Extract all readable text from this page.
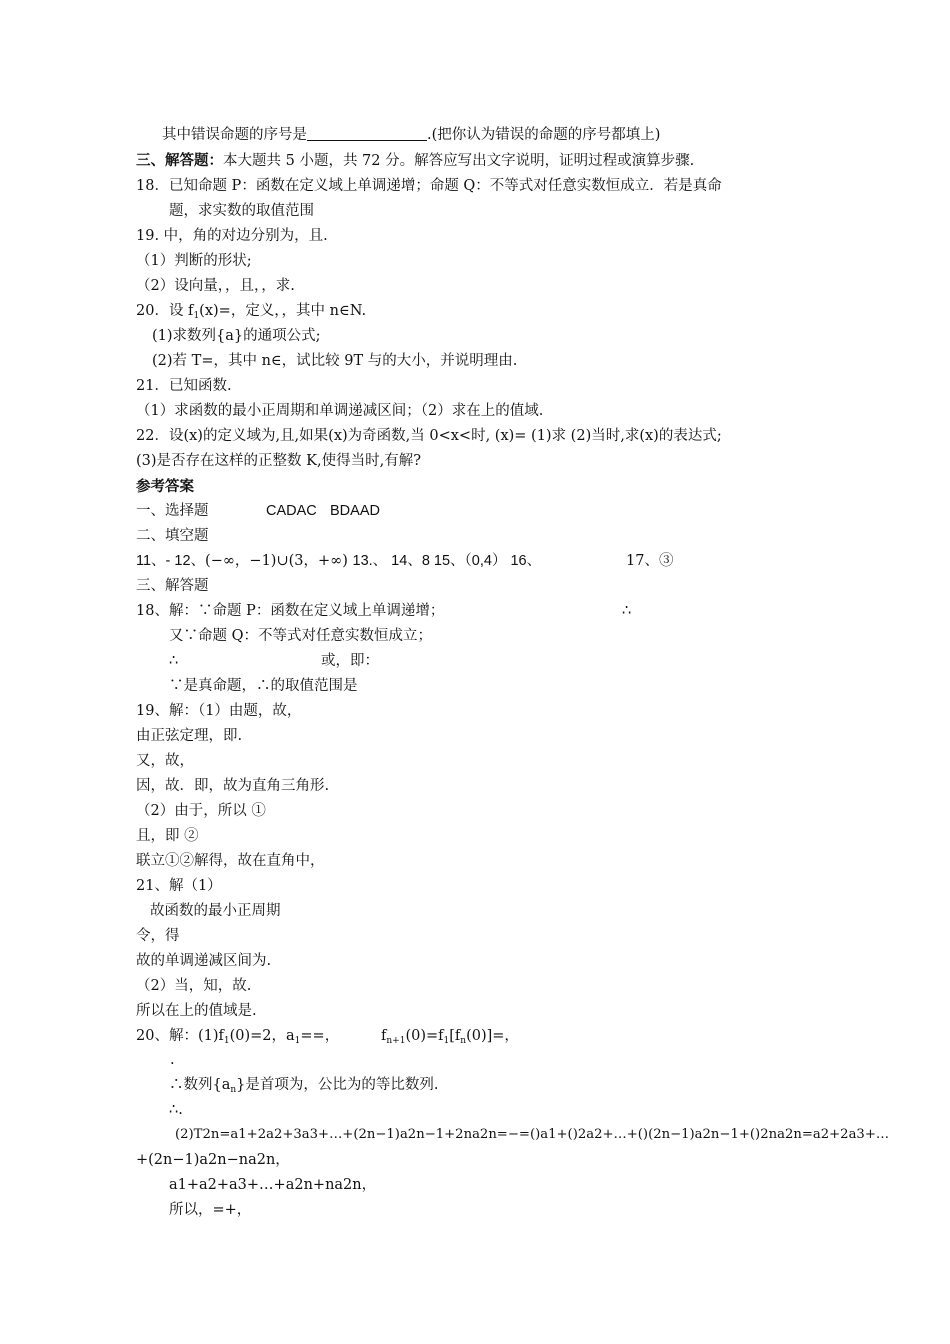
其中错误命题的序号是	.(把你认为错误的命题的序号都填上)
三、解答题：本大题共 5 小题，共 72 分。解答应写出文字说明，证明过程或演算步骤.
18．已知命题 P：函数在定义域上单调递增；命题 Q：不等式对任意实数恒成立．若是真命
题，求实数的取值范围
19. 中，角的对边分别为，且.
（1）判断的形状;
（2）设向量，，且，，求.
20．设 $f_1(x)=$，定义，，其中 n∈N.
(1)求数列{a}的通项公式;
(2)若 T=，其中 n∈，试比较 9T 与的大小，并说明理由.
21．已知函数.
（1）求函数的最小正周期和单调递减区间；（2）求在上的值域.
22．设(x)的定义域为,且,如果(x)为奇函数,当 0<x<时, (x)= (1)求 (2)当时,求(x)的表达式;
(3)是否存在这样的正整数 K,使得当时,有解?
参考答案
一、选择题	CADAC BDAAD
二、填空题
11、- 12、(−∞，−1)∪(3，+∞) 13.、 14、8 15、（0,4） 16、	17、③
三、解答题
18、解：∵命题 P：函数在定义域上单调递增；	∴
又∵命题 Q：不等式对任意实数恒成立；
∴	或，即：
∵是真命题，∴的取值范围是
19、解：（1）由题，故，
由正弦定理，即.
又，故，
因，故．即，故为直角三角形.
（2）由于，所以 ①
且，即 ②
联立①②解得，故在直角中，
21、解（1）
故函数的最小正周期
令，得
故的单调递减区间为.
（2）当，知，故.
所以在上的值域是.
20、解：$(1)f_1(0)=2$，$a_1==$，	$f_{n+1}(0)=f_1[f_n(0)]=$，
.
∴数列$\{a_n\}$是首项为，公比为的等比数列.
∴.
(2)T2n=a1+2a2+3a3+…+(2n−1)a2n−1+2na2n=−=()a1+()2a2+…+()(2n−1)a2n−1+()2na2n=a2+2a3+…
+(2n−1)a2n−na2n，
a1+a2+a3+…+a2n+na2n，
所以，=+，
